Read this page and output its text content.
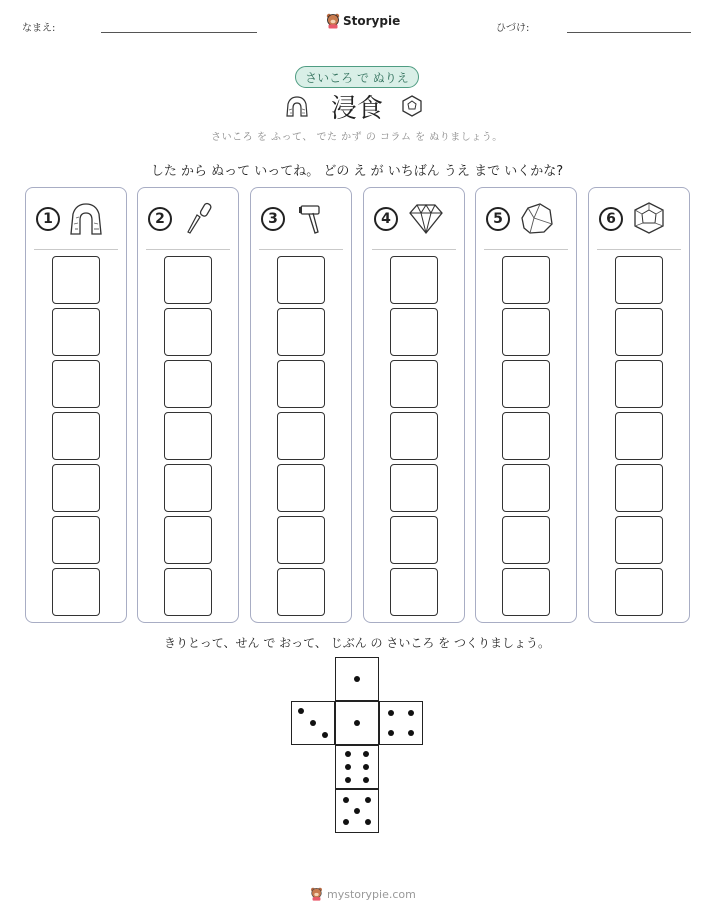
なまえ:
Storypie
ひづけ:
さいころ で ぬりえ
浸食
さいころ を ふって、 でた かず の コラム を ぬりましょう。
した から ぬって いってね。 どの え が いちばん うえ まで いくかな?
1	2	3	4	5	6
きりとって、せん で おって、 じぶん の さいころ を つくりましょう。
mystorypie.com
